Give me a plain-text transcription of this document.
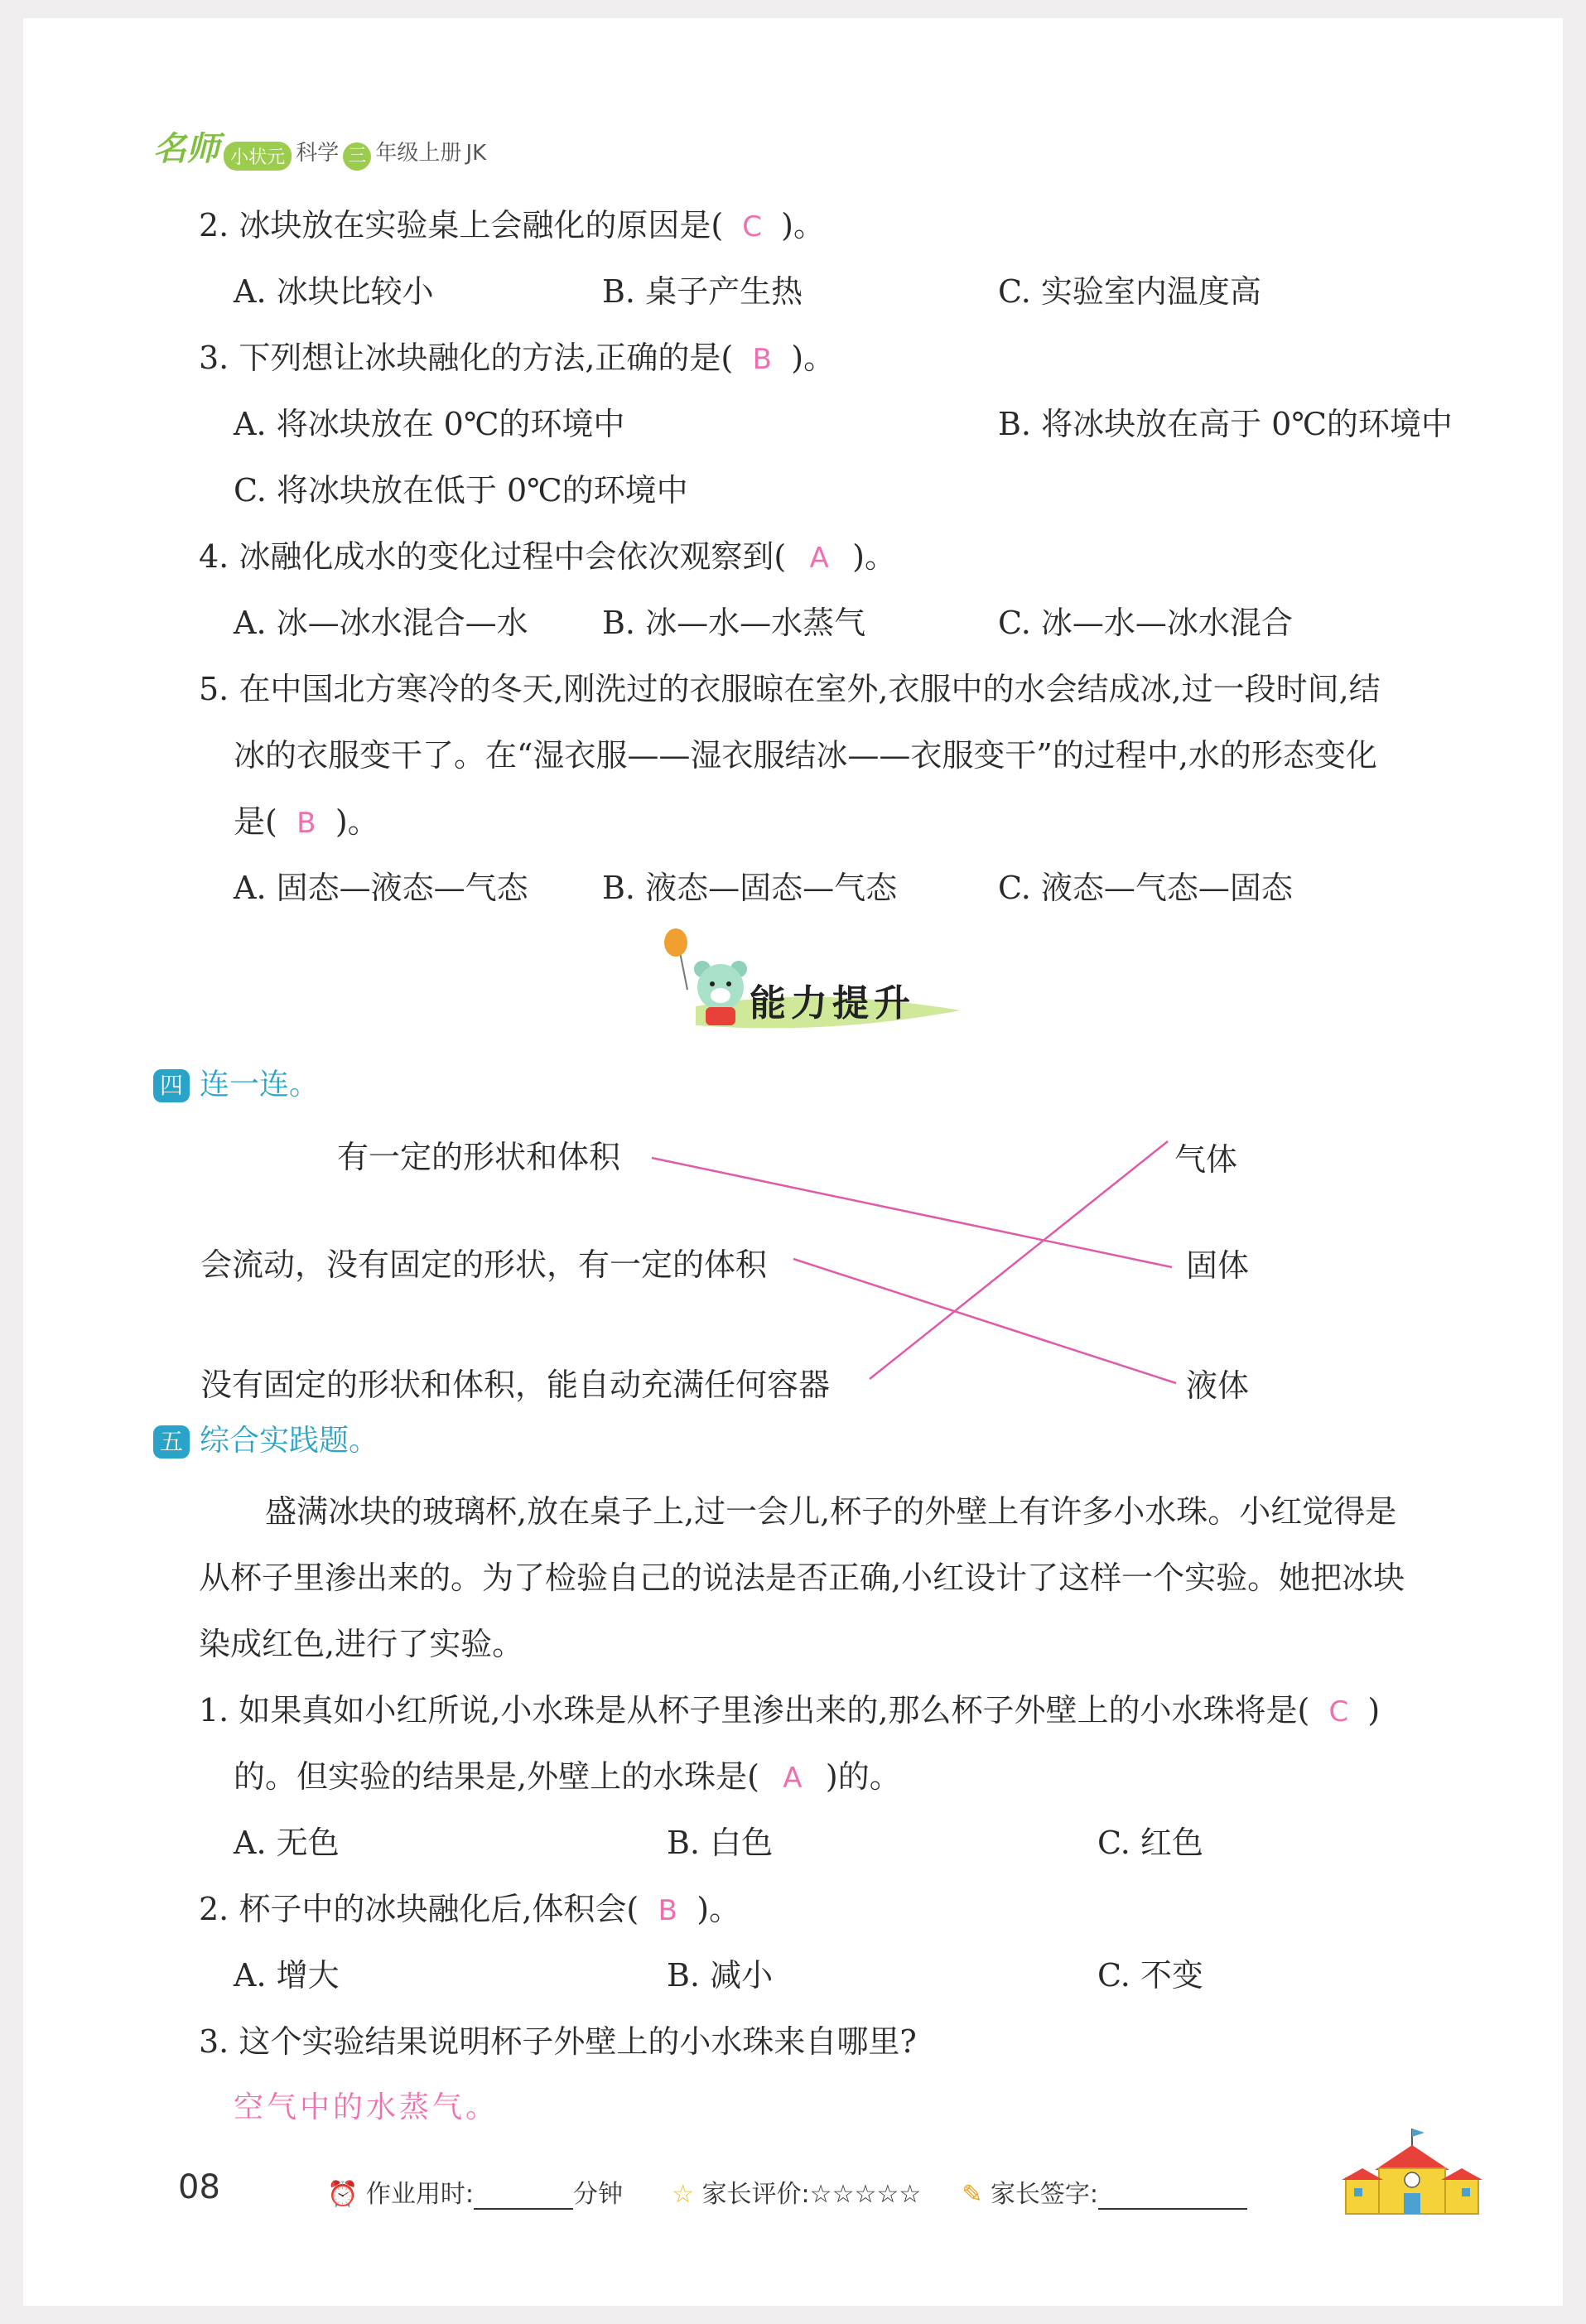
名师 小状元 科学 三 年级上册 JK
2. 冰块放在实验桌上会融化的原因是( C )。
A. 冰块比较小	B. 桌子产生热	C. 实验室内温度高
3. 下列想让冰块融化的方法,正确的是( B )。
A. 将冰块放在 0℃的环境中	B. 将冰块放在高于 0℃的环境中
C. 将冰块放在低于 0℃的环境中
4. 冰融化成水的变化过程中会依次观察到( A )。
A. 冰—冰水混合—水 B. 冰—水—水蒸气	C. 冰—水—冰水混合
5. 在中国北方寒冷的冬天,刚洗过的衣服晾在室外,衣服中的水会结成冰,过一段时间,结
冰的衣服变干了。在“湿衣服——湿衣服结冰——衣服变干”的过程中,水的形态变化
是( B )。
A. 固态—液态—气态 B. 液态—固态—气态	C. 液态—气态—固态
能力提升
四 连一连。
有一定的形状和体积
会流动，没有固定的形状，有一定的体积
没有固定的形状和体积，能自动充满任何容器
气体
固体
液体
五 综合实践题。
盛满冰块的玻璃杯,放在桌子上,过一会儿,杯子的外壁上有许多小水珠。小红觉得是
从杯子里渗出来的。为了检验自己的说法是否正确,小红设计了这样一个实验。她把冰块
染成红色,进行了实验。
1. 如果真如小红所说,小水珠是从杯子里渗出来的,那么杯子外壁上的小水珠将是( C )
的。但实验的结果是,外壁上的水珠是( A )的。
A. 无色	B. 白色	C. 红色
2. 杯子中的冰块融化后,体积会( B )。
A. 增大	B. 减小	C. 不变
3. 这个实验结果说明杯子外壁上的小水珠来自哪里?
空气中的水蒸气。
08	⏰ 作业用时:	分钟 ☆ 家长评价:☆☆☆☆☆ ✎ 家长签字:
